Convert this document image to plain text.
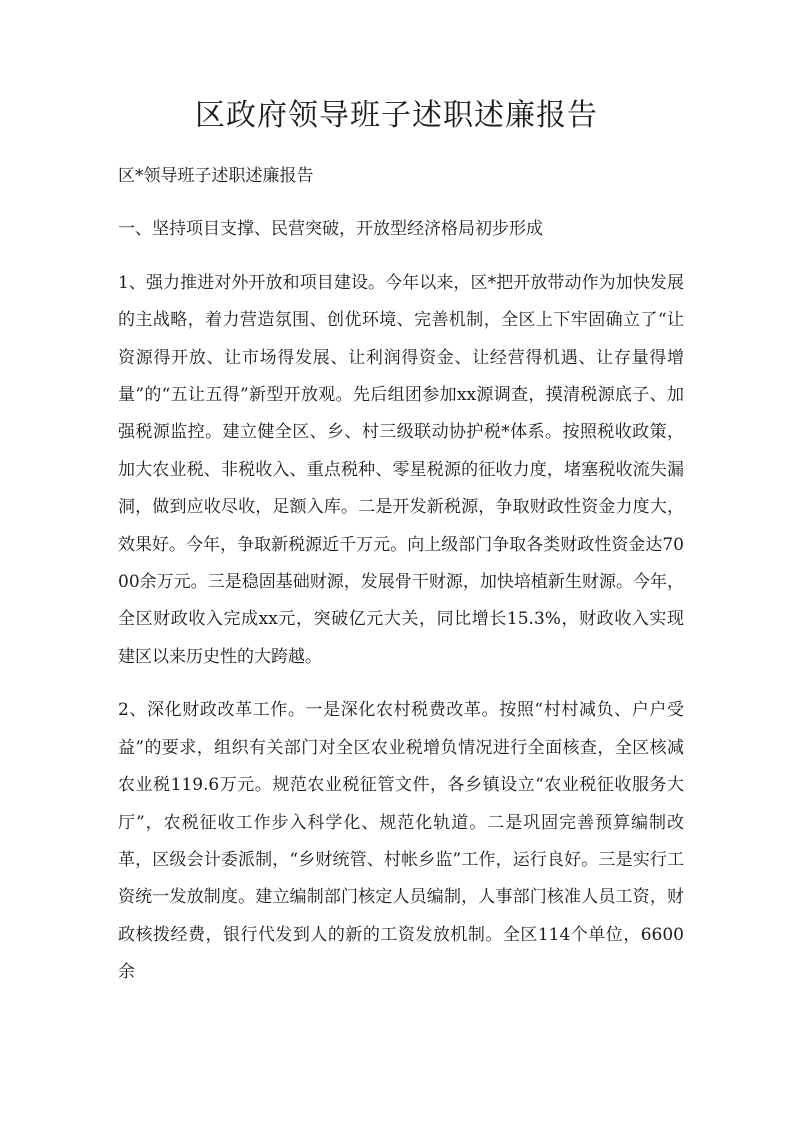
区政府领导班子述职述廉报告

区*领导班子述职述廉报告

一、坚持项目支撑、民营突破，开放型经济格局初步形成

1、强力推进对外开放和项目建设。今年以来，区*把开放带动作为加快发展的主战略，着力营造氛围、创优环境、完善机制，全区上下牢固确立了“让资源得开放、让市场得发展、让利润得资金、让经营得机遇、让存量得增量”的“五让五得”新型开放观。先后组团参加xx源调查，摸清税源底子、加强税源监控。建立健全区、乡、村三级联动协护税*体系。按照税收政策，加大农业税、非税收入、重点税种、零星税源的征收力度，堵塞税收流失漏洞，做到应收尽收，足额入库。二是开发新税源，争取财政性资金力度大，效果好。今年，争取新税源近千万元。向上级部门争取各类财政性资金达7000余万元。三是稳固基础财源，发展骨干财源，加快培植新生财源。今年，全区财政收入完成xx元，突破亿元大关，同比增长15.3%，财政收入实现建区以来历史性的大跨越。

2、深化财政改革工作。一是深化农村税费改革。按照“村村减负、户户受益”的要求，组织有关部门对全区农业税增负情况进行全面核查，全区核减农业税119.6万元。规范农业税征管文件，各乡镇设立“农业税征收服务大厅”，农税征收工作步入科学化、规范化轨道。二是巩固完善预算编制改革，区级会计委派制，“乡财统管、村帐乡监”工作，运行良好。三是实行工资统一发放制度。建立编制部门核定人员编制，人事部门核准人员工资，财政核拨经费，银行代发到人的新的工资发放机制。全区114个单位，6600余
